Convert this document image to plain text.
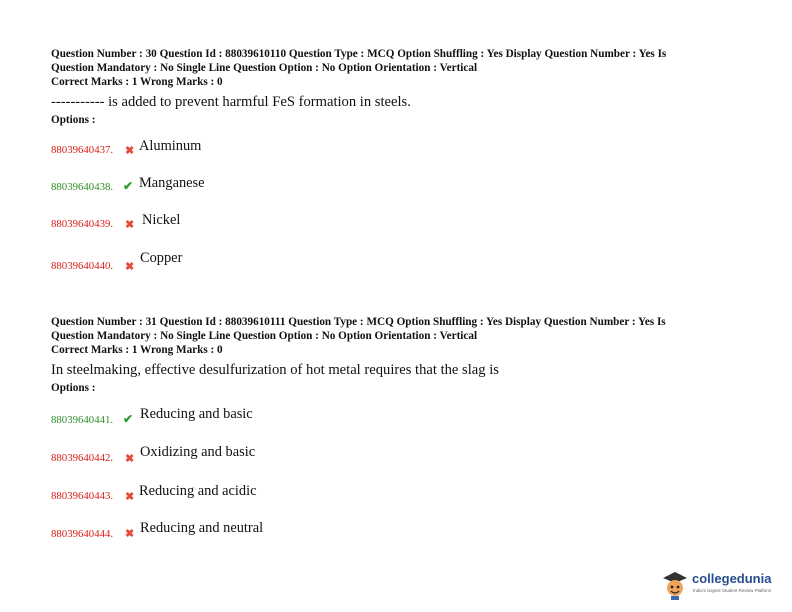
Question Number : 30 Question Id : 88039610110 Question Type : MCQ Option Shuffling : Yes Display Question Number : Yes Is
Question Mandatory : No Single Line Question Option : No Option Orientation : Vertical
Correct Marks : 1 Wrong Marks : 0
----------- is added to prevent harmful FeS formation in steels.
Options :
88039640437. ✖ Aluminum
88039640438. ✔ Manganese
88039640439. ✖ Nickel
88039640440. ✖
Copper
Question Number : 31 Question Id : 88039610111 Question Type : MCQ Option Shuffling : Yes Display Question Number : Yes Is
Question Mandatory : No Single Line Question Option : No Option Orientation : Vertical
Correct Marks : 1 Wrong Marks : 0
In steelmaking, effective desulfurization of hot metal requires that the slag is
Options :
88039640441. ✔ Reducing and basic
88039640442. ✖ Oxidizing and basic
88039640443. ✖ Reducing and acidic
88039640444. ✖ Reducing and neutral
collegedunia
India's largest Student Review Platform
